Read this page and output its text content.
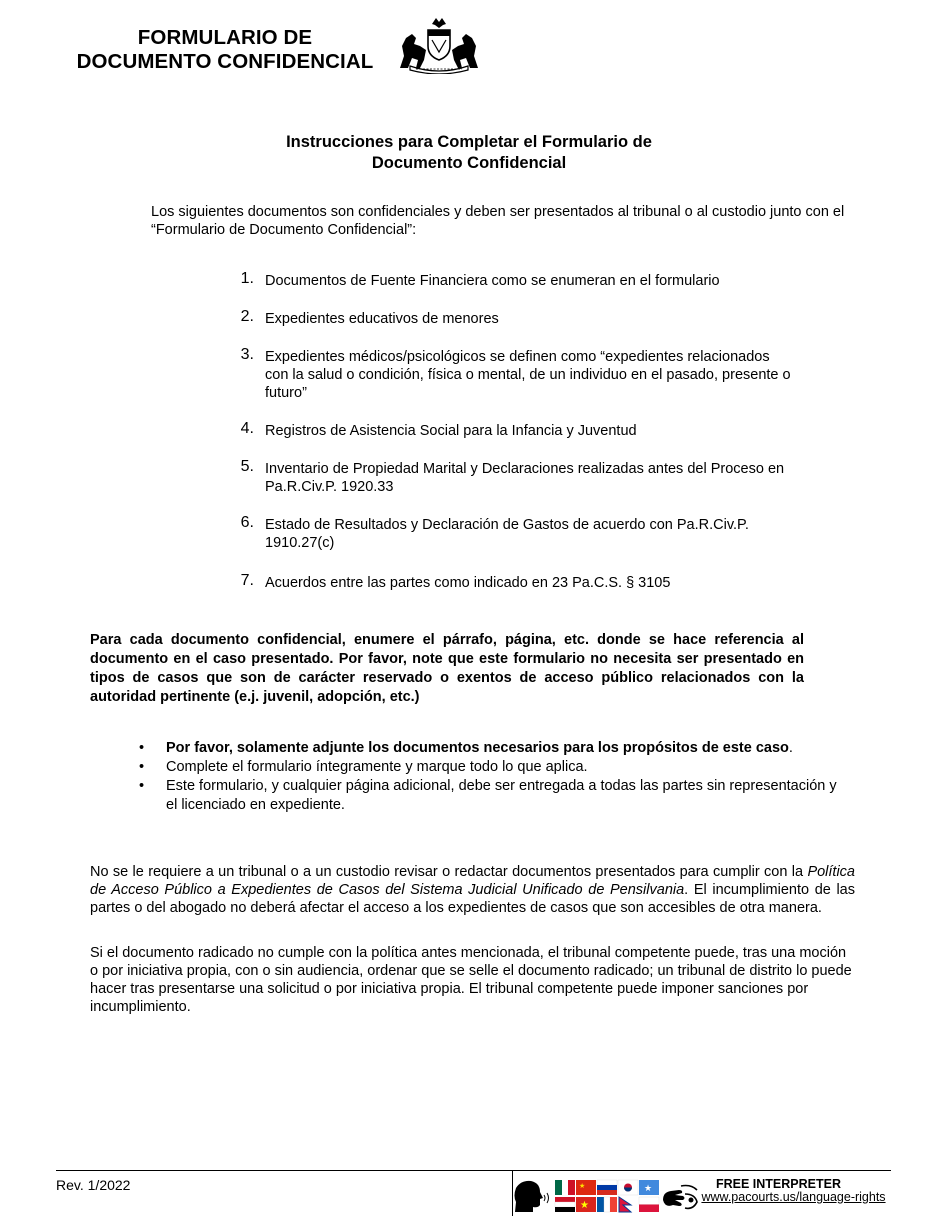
FORMULARIO DE
DOCUMENTO CONFIDENCIAL
Instrucciones para Completar el Formulario de
Documento Confidencial
Los siguientes documentos son confidenciales y deben ser presentados al tribunal o al custodio junto con el “Formulario de Documento Confidencial”:
1. Documentos de Fuente Financiera como se enumeran en el formulario
2. Expedientes educativos de menores
3. Expedientes médicos/psicológicos se definen como “expedientes relacionados con la salud o condición, física o mental, de un individuo en el pasado, presente o futuro”
4. Registros de Asistencia Social para la Infancia y Juventud
5. Inventario de Propiedad Marital y Declaraciones realizadas antes del Proceso en Pa.R.Civ.P. 1920.33
6. Estado de Resultados y Declaración de Gastos de acuerdo con Pa.R.Civ.P. 1910.27(c)
7. Acuerdos entre las partes como indicado en 23 Pa.C.S. § 3105
Para cada documento confidencial, enumere el párrafo, página, etc. donde se hace referencia al documento en el caso presentado. Por favor, note que este formulario no necesita ser presentado en tipos de casos que son de carácter reservado o exentos de acceso público relacionados con la autoridad pertinente (e.j. juvenil, adopción, etc.)
• Por favor, solamente adjunte los documentos necesarios para los propósitos de este caso.
• Complete el formulario íntegramente y marque todo lo que aplica.
• Este formulario, y cualquier página adicional, debe ser entregada a todas las partes sin representación y el licenciado en expediente.
No se le requiere a un tribunal o a un custodio revisar o redactar documentos presentados para cumplir con la Política de Acceso Público a Expedientes de Casos del Sistema Judicial Unificado de Pensilvania. El incumplimiento de las partes o del abogado no deberá afectar el acceso a los expedientes de casos que son accesibles de otra manera.
Si el documento radicado no cumple con la política antes mencionada, el tribunal competente puede, tras una moción o por iniciativa propia, con o sin audiencia, ordenar que se selle el documento radicado; un tribunal de distrito lo puede hacer tras presentarse una solicitud o por iniciativa propia. El tribunal competente puede imponer sanciones por incumplimiento.
Rev. 1/2022	★	★
★
FREE INTERPRETER
www.pacourts.us/language-rights
